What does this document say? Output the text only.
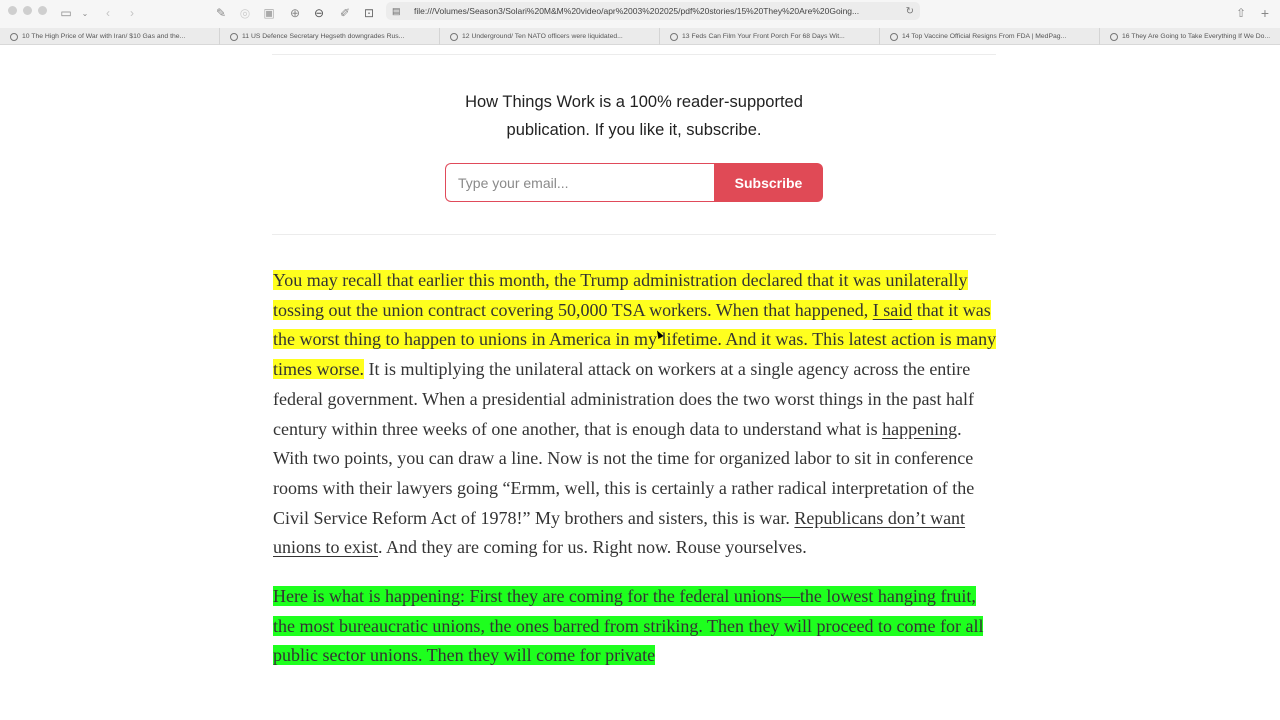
▭ ⌄	‹	›	✎ ◎ ▣ ⊕ ⊖ ✐ ⊡ ▤ file:///Volumes/Season3/Solari%20M&M%20video/apr%2003%202025/pdf%20stories/15%20They%20Are%20Going...	↻	⇧ +
10 The High Price of War with Iran/ $10 Gas and the...	11 US Defence Secretary Hegseth downgrades Rus...	12 Underground/ Ten NATO officers were liquidated...	13 Feds Can Film Your Front Porch For 68 Days Wit...	14 Top Vaccine Official Resigns From FDA | MedPag...	16 They Are Going to Take Everything If We Do...
How Things Work is a 100% reader-supported publication. If you like it, subscribe.
Type your email...
Subscribe

You may recall that earlier this month, the Trump administration declared that it was unilaterally tossing out the union contract covering 50,000 TSA workers. When that happened, I said that it was the worst thing to happen to unions in America in my lifetime. And it was. This latest action is many times worse. It is multiplying the unilateral attack on workers at a single agency across the entire federal government. When a presidential administration does the two worst things in the past half century within three weeks of one another, that is enough data to understand what is happening. With two points, you can draw a line. Now is not the time for organized labor to sit in conference rooms with their lawyers going “Ermm, well, this is certainly a rather radical interpretation of the Civil Service Reform Act of 1978!” My brothers and sisters, this is war. Republicans don’t want unions to exist. And they are coming for us. Right now. Rouse yourselves.

Here is what is happening: First they are coming for the federal unions—the lowest hanging fruit, the most bureaucratic unions, the ones barred from striking. Then they will proceed to come for all public sector unions. Then they will come for private
